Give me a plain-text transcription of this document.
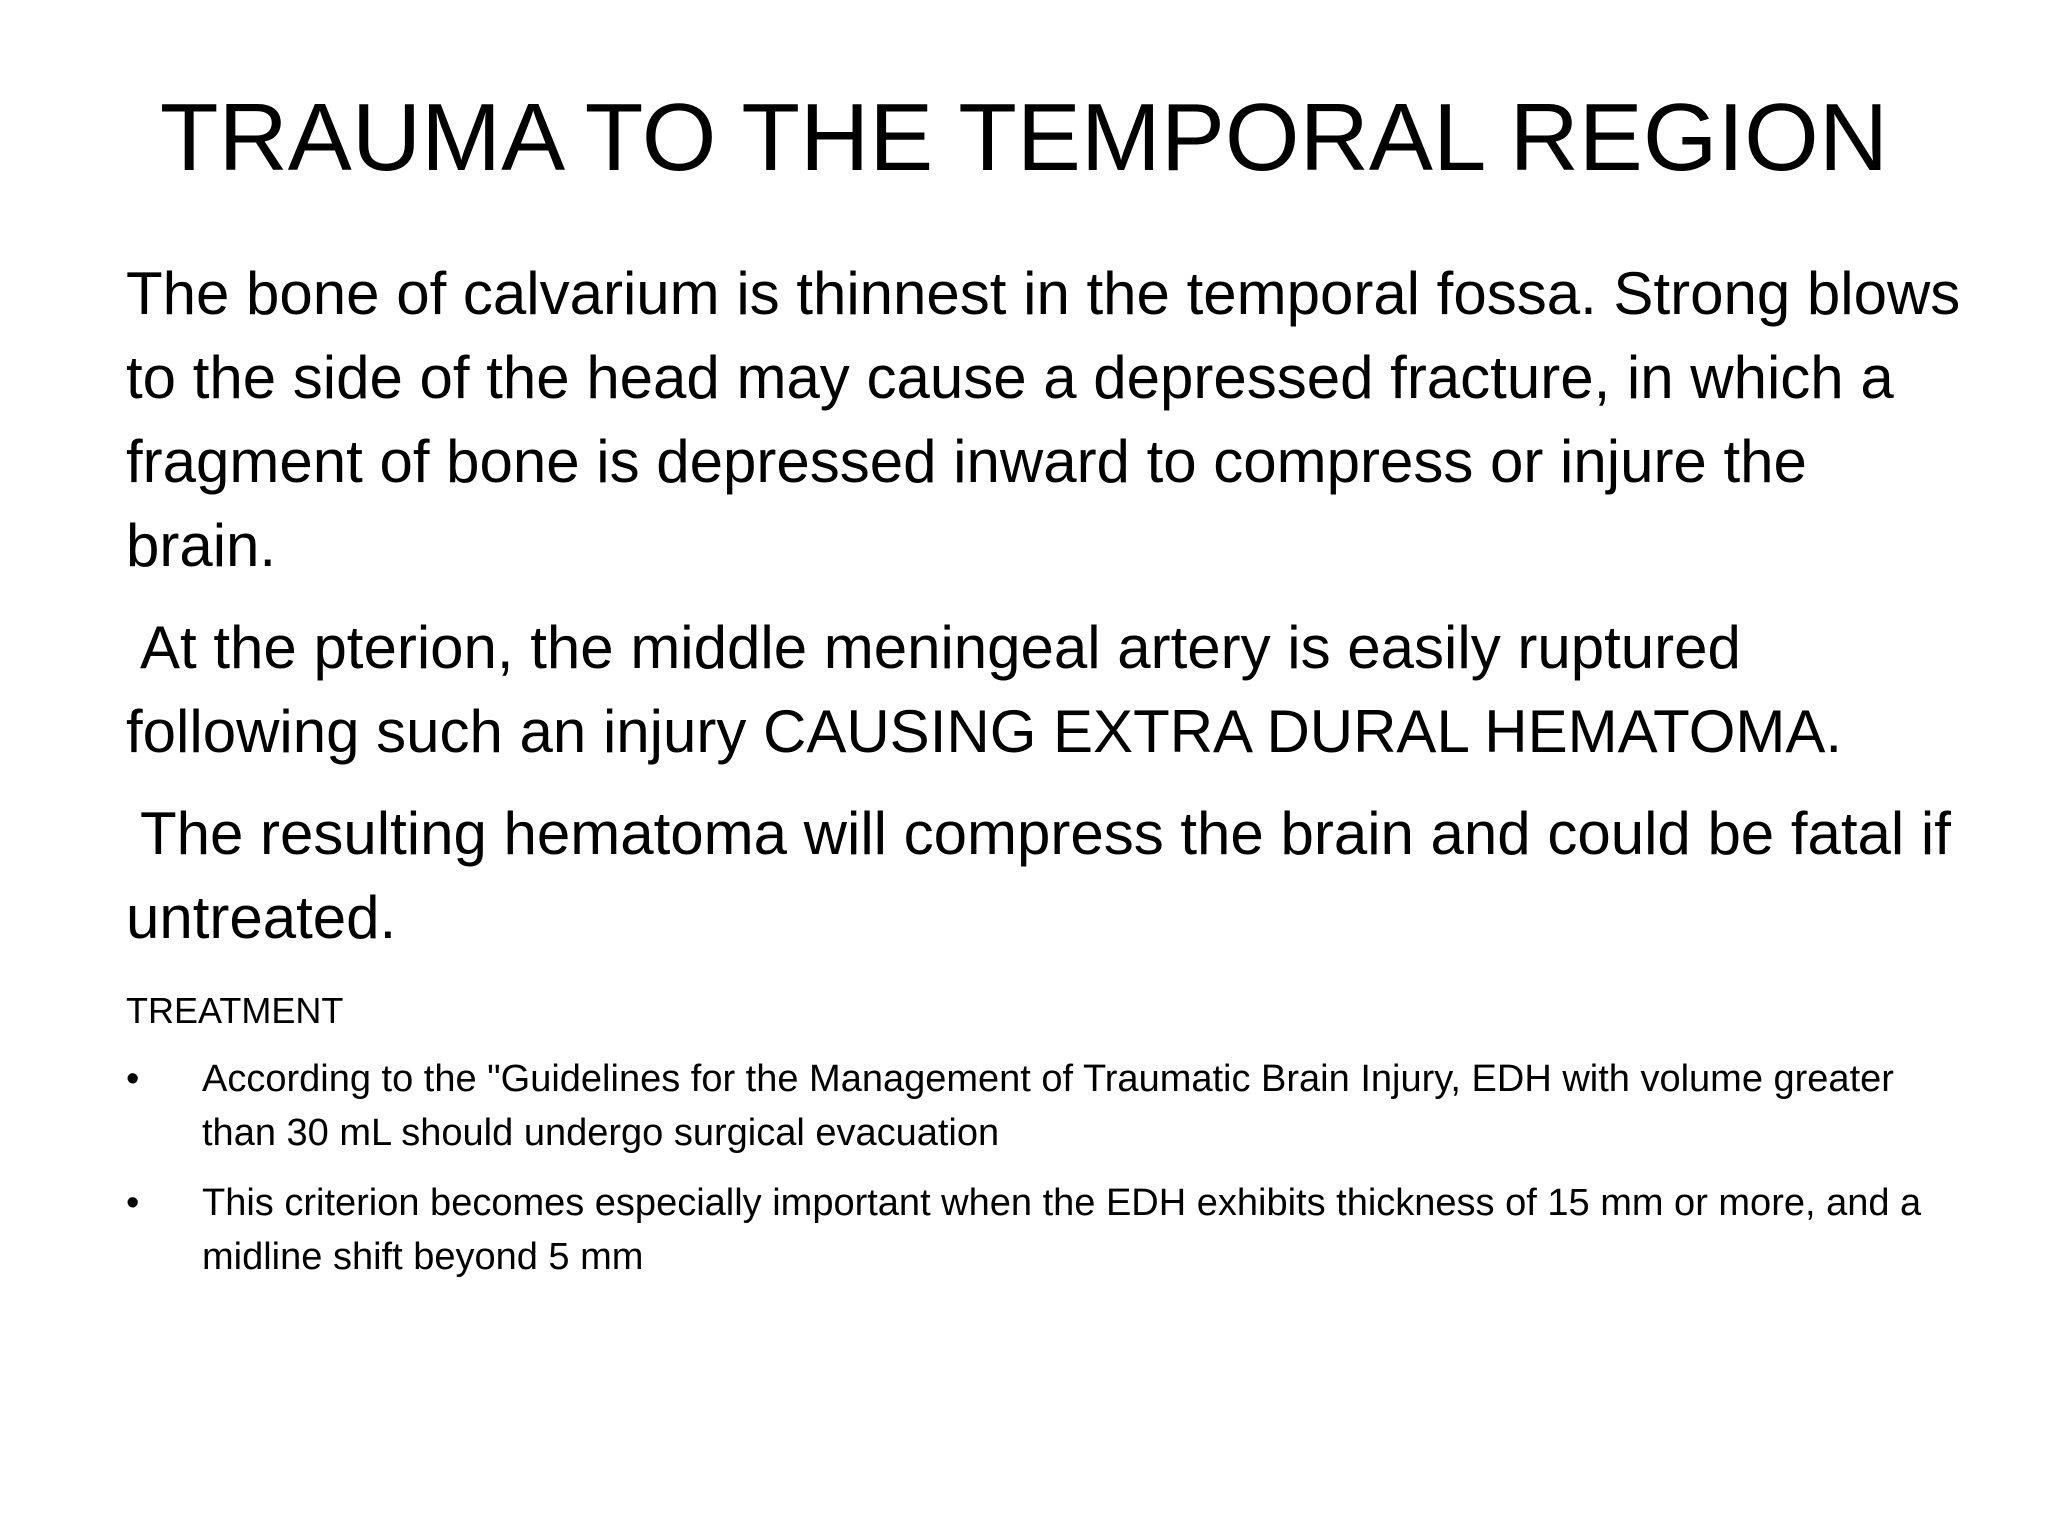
TRAUMA TO THE TEMPORAL REGION

The bone of calvarium is thinnest in the temporal fossa. Strong blows to the side of the head may cause a depressed fracture, in which a fragment of bone is depressed inward to compress or injure the brain.

At the pterion, the middle meningeal artery is easily ruptured following such an injury CAUSING EXTRA DURAL HEMATOMA.

The resulting hematoma will compress the brain and could be fatal if untreated.

TREATMENT
•	According to the "Guidelines for the Management of Traumatic Brain Injury, EDH with volume greater than 30 mL should undergo surgical evacuation
•	This criterion becomes especially important when the EDH exhibits thickness of 15 mm or more, and a midline shift beyond 5 mm
